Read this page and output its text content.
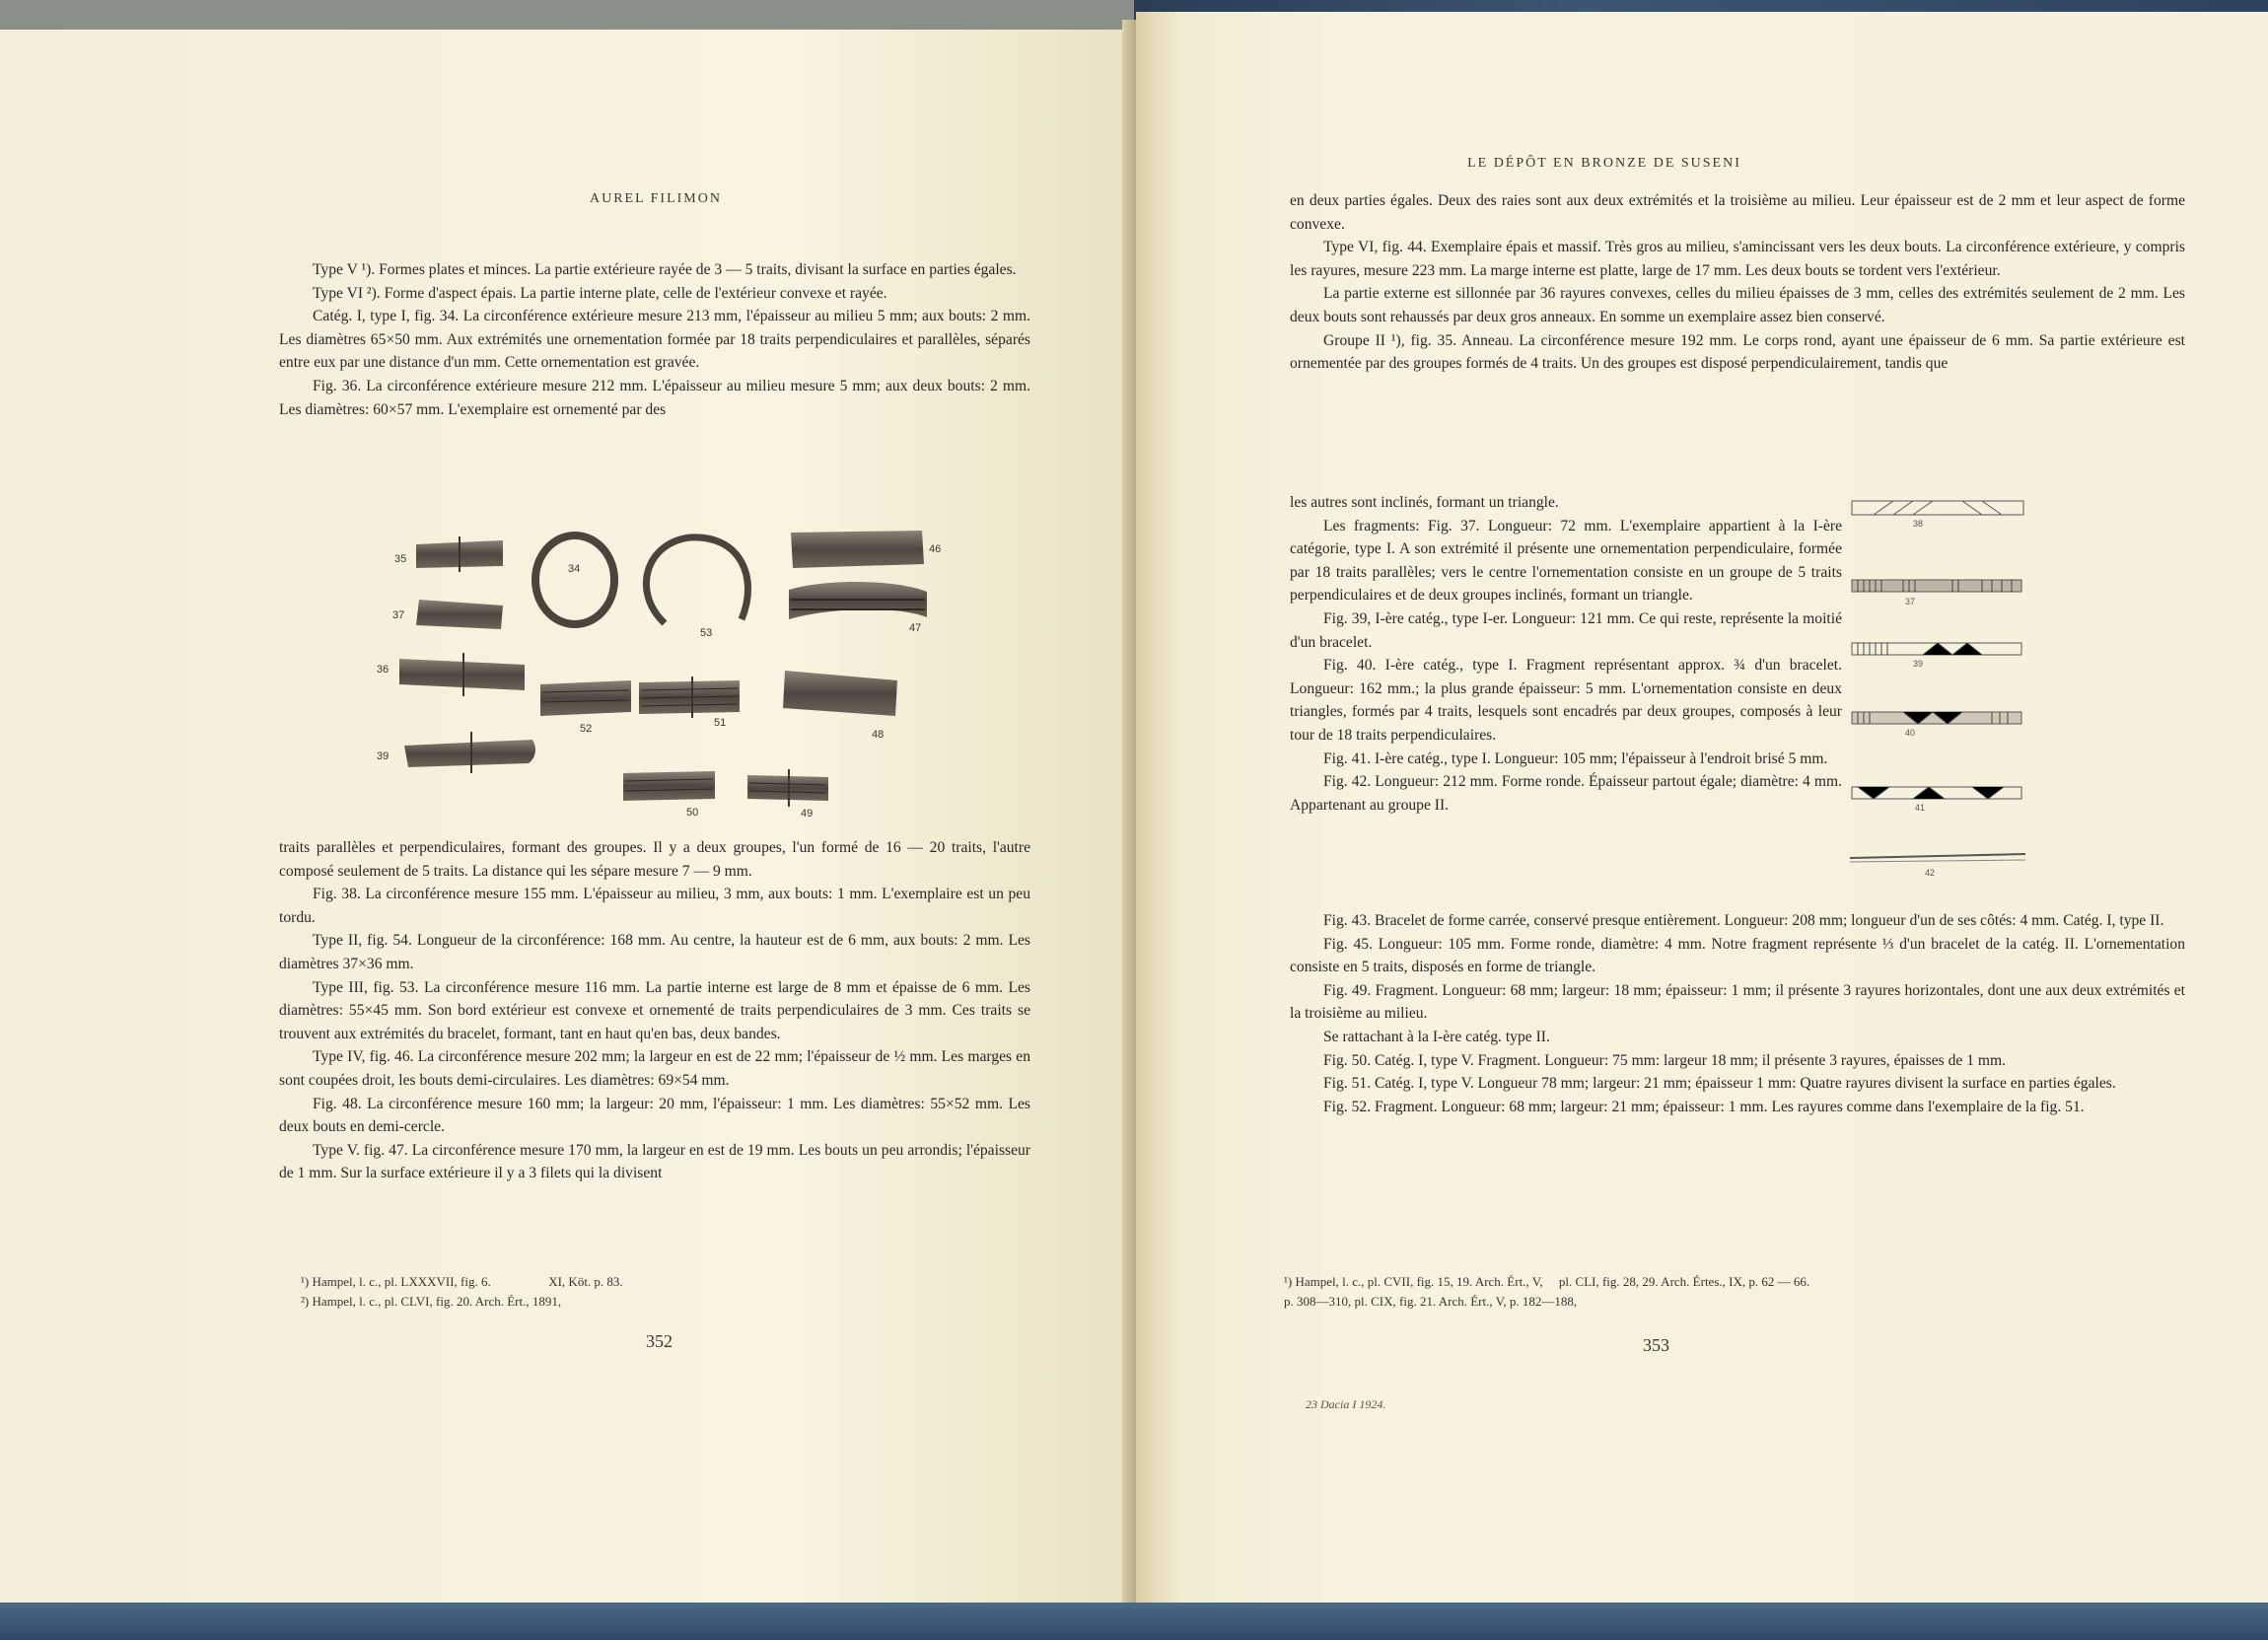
AUREL FILIMON

Type V ¹). Formes plates et minces. La partie extérieure rayée de 3 — 5 traits, divisant la surface en parties égales.

Type VI ²). Forme d'aspect épais. La partie interne plate, celle de l'extérieur convexe et rayée.

Catég. I, type I, fig. 34. La circonférence extérieure mesure 213 mm, l'épaisseur au milieu 5 mm; aux bouts: 2 mm. Les diamètres 65×50 mm. Aux extrémités une ornementation formée par 18 traits perpendiculaires et parallèles, séparés entre eux par une distance d'un mm. Cette ornementation est gravée.

Fig. 36. La circonférence extérieure mesure 212 mm. L'épaisseur au milieu mesure 5 mm; aux deux bouts: 2 mm. Les diamètres: 60×57 mm. L'exemplaire est ornementé par des

35
34
53
46
37
47
36
52	51
48
39
50	49

traits parallèles et perpendiculaires, formant des groupes. Il y a deux groupes, l'un formé de 16 — 20 traits, l'autre composé seulement de 5 traits. La distance qui les sépare mesure 7 — 9 mm.

Fig. 38. La circonférence mesure 155 mm. L'épaisseur au milieu, 3 mm, aux bouts: 1 mm. L'exemplaire est un peu tordu.

Type II, fig. 54. Longueur de la circonférence: 168 mm. Au centre, la hauteur est de 6 mm, aux bouts: 2 mm. Les diamètres 37×36 mm.

Type III, fig. 53. La circonférence mesure 116 mm. La partie interne est large de 8 mm et épaisse de 6 mm. Les diamètres: 55×45 mm. Son bord extérieur est convexe et ornementé de traits perpendiculaires de 3 mm. Ces traits se trouvent aux extrémités du bracelet, formant, tant en haut qu'en bas, deux bandes.

Type IV, fig. 46. La circonférence mesure 202 mm; la largeur en est de 22 mm; l'épaisseur de ½ mm. Les marges en sont coupées droit, les bouts demi-circulaires. Les diamètres: 69×54 mm.

Fig. 48. La circonférence mesure 160 mm; la largeur: 20 mm, l'épaisseur: 1 mm. Les diamètres: 55×52 mm. Les deux bouts en demi-cercle.

Type V. fig. 47. La circonférence mesure 170 mm, la largeur en est de 19 mm. Les bouts un peu arrondis; l'épaisseur de 1 mm. Sur la surface extérieure il y a 3 filets qui la divisent

¹) Hampel, l. c., pl. LXXXVII, fig. 6.                  XI, Köt. p. 83.
²) Hampel, l. c., pl. CLVI, fig. 20. Arch. Ért., 1891,
352
LE DÉPÔT EN BRONZE DE SUSENI

en deux parties égales. Deux des raies sont aux deux extrémités et la troisième au milieu. Leur épaisseur est de 2 mm et leur aspect de forme convexe.

Type VI, fig. 44. Exemplaire épais et massif. Très gros au milieu, s'amincissant vers les deux bouts. La circonférence extérieure, y compris les rayures, mesure 223 mm. La marge interne est platte, large de 17 mm. Les deux bouts se tordent vers l'extérieur.

La partie externe est sillonnée par 36 rayures convexes, celles du milieu épaisses de 3 mm, celles des extrémités seulement de 2 mm. Les deux bouts sont rehaussés par deux gros anneaux. En somme un exemplaire assez bien conservé.

Groupe II ¹), fig. 35. Anneau. La circonférence mesure 192 mm. Le corps rond, ayant une épaisseur de 6 mm. Sa partie extérieure est ornementée par des groupes formés de 4 traits. Un des groupes est disposé perpendiculairement, tandis que

les autres sont inclinés, formant un triangle.

Les fragments: Fig. 37. Longueur: 72 mm. L'exemplaire appartient à la I-ère catégorie, type I. A son extrémité il présente une ornementation perpendiculaire, formée par 18 traits parallèles; vers le centre l'ornementation consiste en un groupe de 5 traits perpendiculaires et de deux groupes inclinés, formant un triangle.

Fig. 39, I-ère catég., type I-er. Longueur: 121 mm. Ce qui reste, représente la moitié d'un bracelet.

Fig. 40. I-ère catég., type I. Fragment représentant approx. ¾ d'un bracelet. Longueur: 162 mm.; la plus grande épaisseur: 5 mm. L'ornementation consiste en deux triangles, formés par 4 traits, lesquels sont encadrés par deux groupes, composés à leur tour de 18 traits perpendiculaires.

Fig. 41. I-ère catég., type I. Longueur: 105 mm; l'épaisseur à l'endroit brisé 5 mm.

Fig. 42. Longueur: 212 mm. Forme ronde. Épaisseur partout égale; diamètre: 4 mm. Appartenant au groupe II.

Fig. 43. Bracelet de forme carrée, conservé presque entièrement. Longueur: 208 mm; longueur d'un de ses côtés: 4 mm. Catég. I, type II.

Fig. 45. Longueur: 105 mm. Forme ronde, diamètre: 4 mm. Notre fragment représente ⅓ d'un bracelet de la catég. II. L'ornementation consiste en 5 traits, disposés en forme de triangle.

Fig. 49. Fragment. Longueur: 68 mm; largeur: 18 mm; épaisseur: 1 mm; il présente 3 rayures horizontales, dont une aux deux extrémités et la troisième au milieu.

Se rattachant à la I-ère catég. type II.

Fig. 50. Catég. I, type V. Fragment. Longueur: 75 mm: largeur 18 mm; il présente 3 rayures, épaisses de 1 mm.

Fig. 51. Catég. I, type V. Longueur 78 mm; largeur: 21 mm; épaisseur 1 mm: Quatre rayures divisent la surface en parties égales.

Fig. 52. Fragment. Longueur: 68 mm; largeur: 21 mm; épaisseur: 1 mm. Les rayures comme dans l'exemplaire de la fig. 51.

¹) Hampel, l. c., pl. CVII, fig. 15, 19. Arch. Ért., V,     pl. CLI, fig. 28, 29. Arch. Értes., IX, p. 62 — 66.
p. 308—310, pl. CIX, fig. 21. Arch. Ért., V, p. 182—188,
353
23 Dacia I 1924.
38
37
39
40
41
42
